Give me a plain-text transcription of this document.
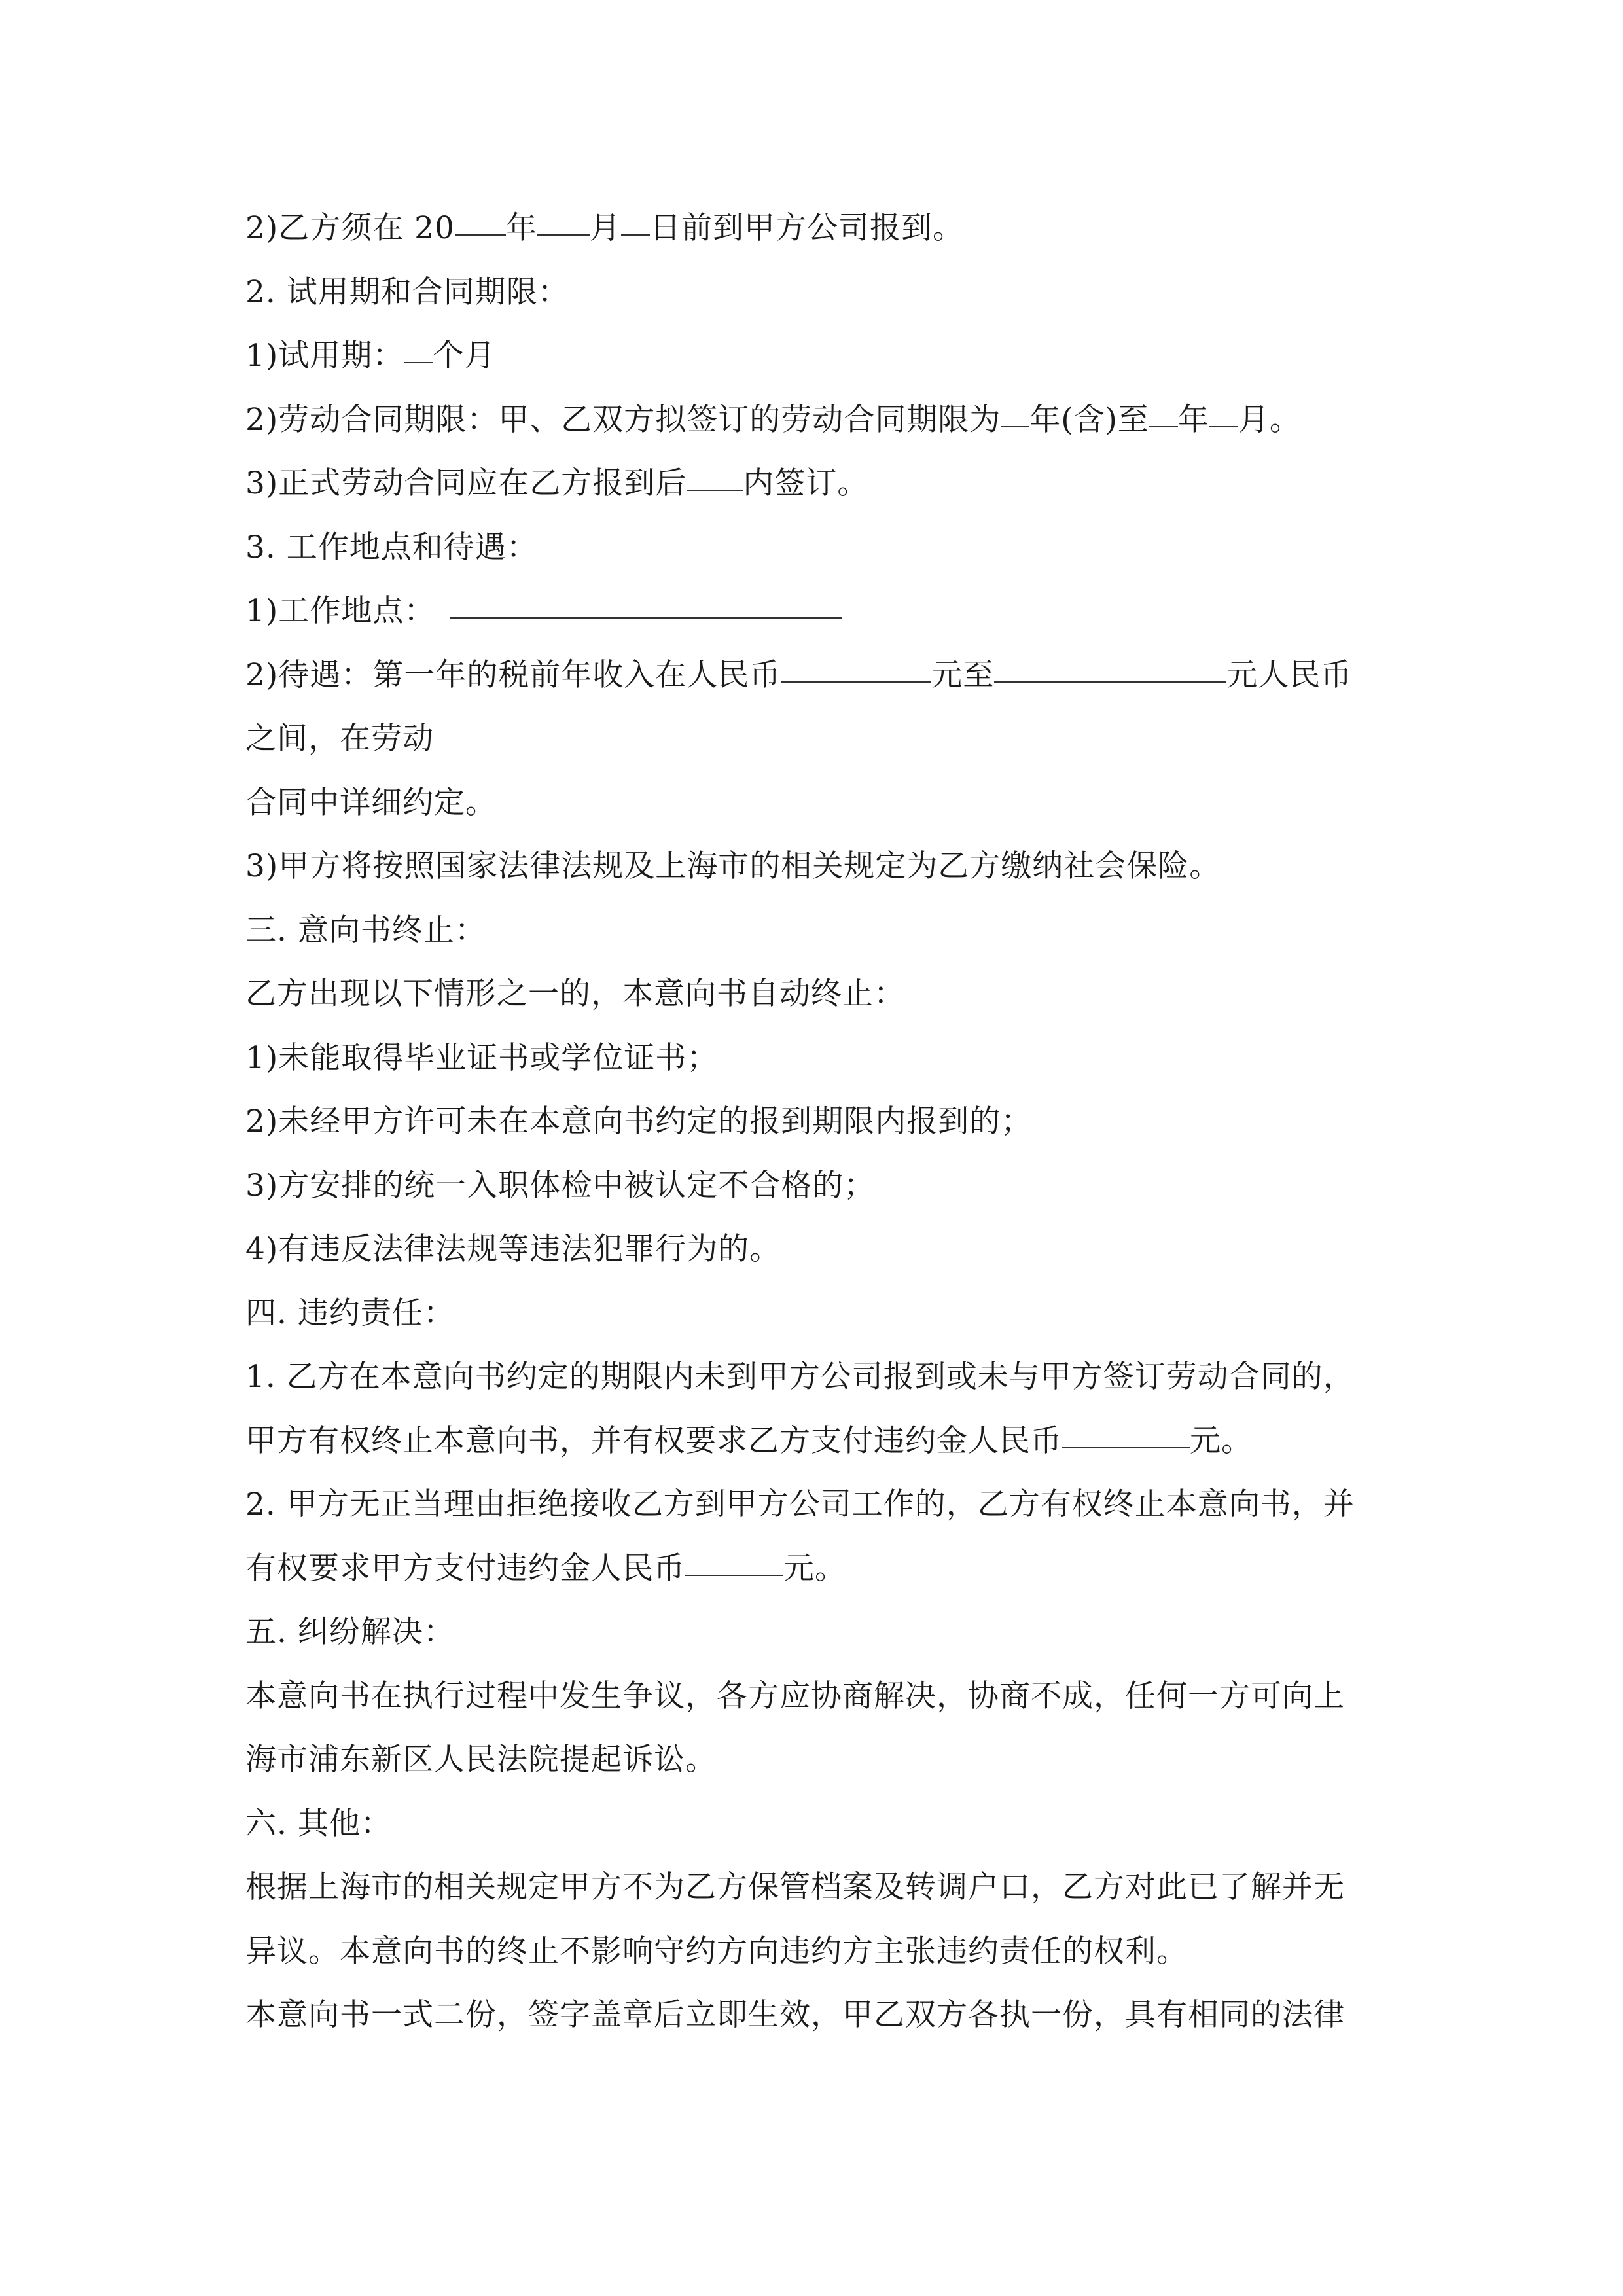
2)乙方须在 20 年 月 日前到甲方公司报到。
2. 试用期和合同期限：
1)试用期： 个月
2)劳动合同期限：甲、乙双方拟签订的劳动合同期限为 年(含)至 年 月。
3)正式劳动合同应在乙方报到后 内签订。
3. 工作地点和待遇：
1)工作地点：
2)待遇：第一年的税前年收入在人民币	元至	元人民币
之间，在劳动
合同中详细约定。
3)甲方将按照国家法律法规及上海市的相关规定为乙方缴纳社会保险。
三. 意向书终止：
乙方出现以下情形之一的，本意向书自动终止：
1)未能取得毕业证书或学位证书；
2)未经甲方许可未在本意向书约定的报到期限内报到的；
3)方安排的统一入职体检中被认定不合格的；
4)有违反法律法规等违法犯罪行为的。
四. 违约责任：
1. 乙方在本意向书约定的期限内未到甲方公司报到或未与甲方签订劳动合同的，
甲方有权终止本意向书，并有权要求乙方支付违约金人民币	元。
2. 甲方无正当理由拒绝接收乙方到甲方公司工作的，乙方有权终止本意向书，并
有权要求甲方支付违约金人民币	元。
五. 纠纷解决：
本意向书在执行过程中发生争议，各方应协商解决，协商不成，任何一方可向上
海市浦东新区人民法院提起诉讼。
六. 其他：
根据上海市的相关规定甲方不为乙方保管档案及转调户口，乙方对此已了解并无
异议。本意向书的终止不影响守约方向违约方主张违约责任的权利。
本意向书一式二份，签字盖章后立即生效，甲乙双方各执一份，具有相同的法律
